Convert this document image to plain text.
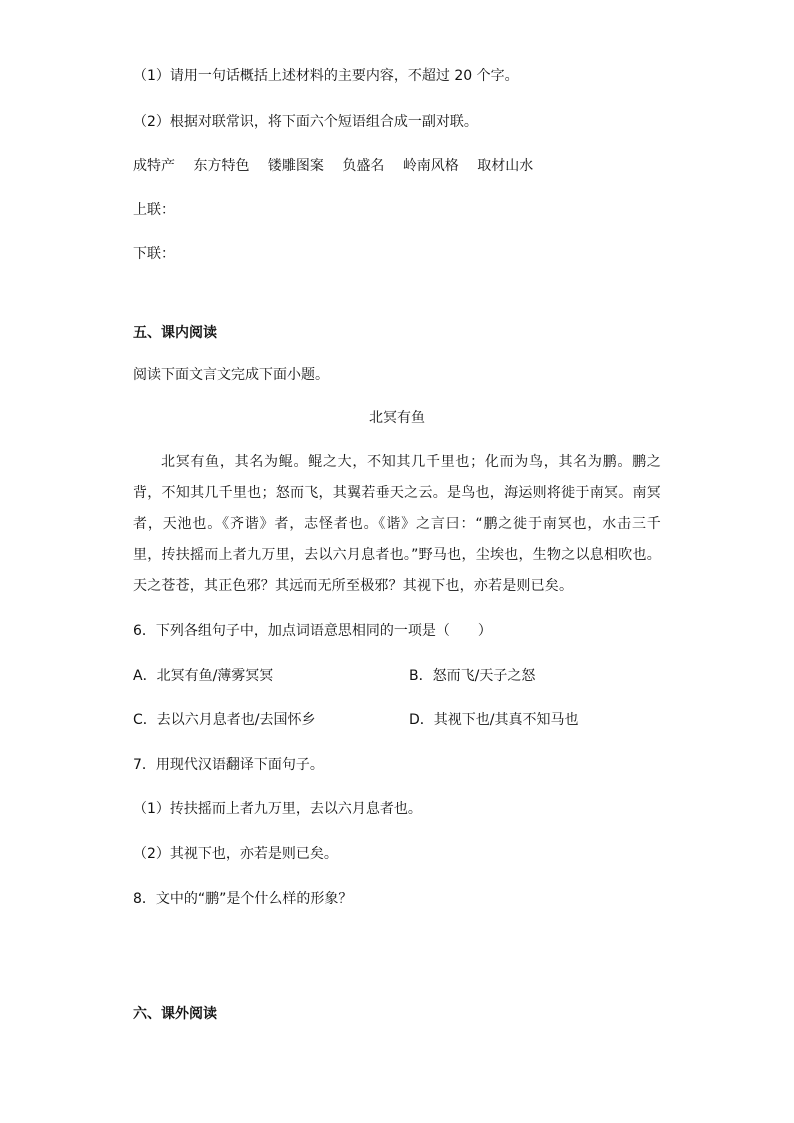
（1）请用一句话概括上述材料的主要内容，不超过 20 个字。
（2）根据对联常识，将下面六个短语组合成一副对联。
成特产 东方特色 镂雕图案 负盛名 岭南风格 取材山水
上联：
下联：
五、课内阅读
阅读下面文言文完成下面小题。
北冥有鱼
北冥有鱼，其名为鲲。鲲之大，不知其几千里也；化而为鸟，其名为鹏。鹏之背，不知其几千里也；怒而飞，其翼若垂天之云。是鸟也，海运则将徙于南冥。南冥者，天池也。《齐谐》者，志怪者也。《谐》之言曰：“鹏之徙于南冥也，水击三千里，抟扶摇而上者九万里，去以六月息者也。”野马也，尘埃也，生物之以息相吹也。天之苍苍，其正色邪？其远而无所至极邪？其视下也，亦若是则已矣。
6．下列各组句子中，加点词语意思相同的一项是（　　）
A．北冥有鱼/薄雾冥冥	B．怒而飞/天子之怒
C．去以六月息者也/去国怀乡	D．其视下也/其真不知马也
7．用现代汉语翻译下面句子。
（1）抟扶摇而上者九万里，去以六月息者也。
（2）其视下也，亦若是则已矣。
8．文中的“鹏”是个什么样的形象？
六、课外阅读
